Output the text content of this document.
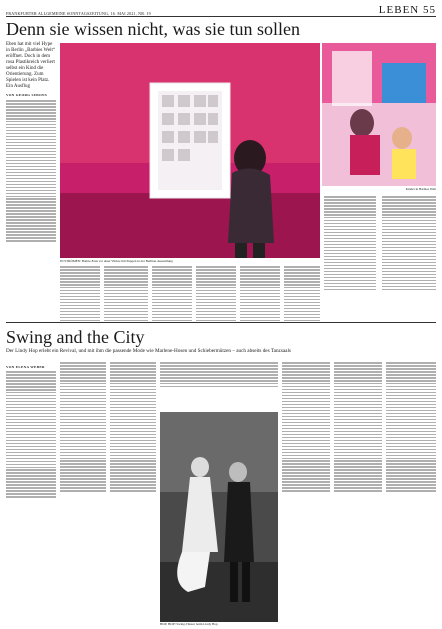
FRANKFURTER ALLGEMEINE SONNTAGSZEITUNG, 16. MAI 2021, NR. 19	LEBEN 55
Denn sie wissen nicht, was sie tun sollen

Eben hat mit viel Hype in Berlin „Barbies Welt“ eröffnet. Doch in dem rosa Plastikreich verliert selbst ein Kind die Orientierung. Zum Spielen ist kein Platz. Ein Ausflug

VON GEORG SIMONS
IN STRÖMEN: Barbie-Fans vor einer Vitrine mit Puppen in der Berliner Ausstellung
Kinder in Barbies Welt
Swing and the City
Der Lindy Hop erlebt ein Revival, und mit ihm die passende Mode wie Marlene-Hosen und Schiebermützen – auch abseits des Tanzsaals
VON ELENA WEBER
HOP, HOP! Swing-Tänzer beim Lindy Hop
